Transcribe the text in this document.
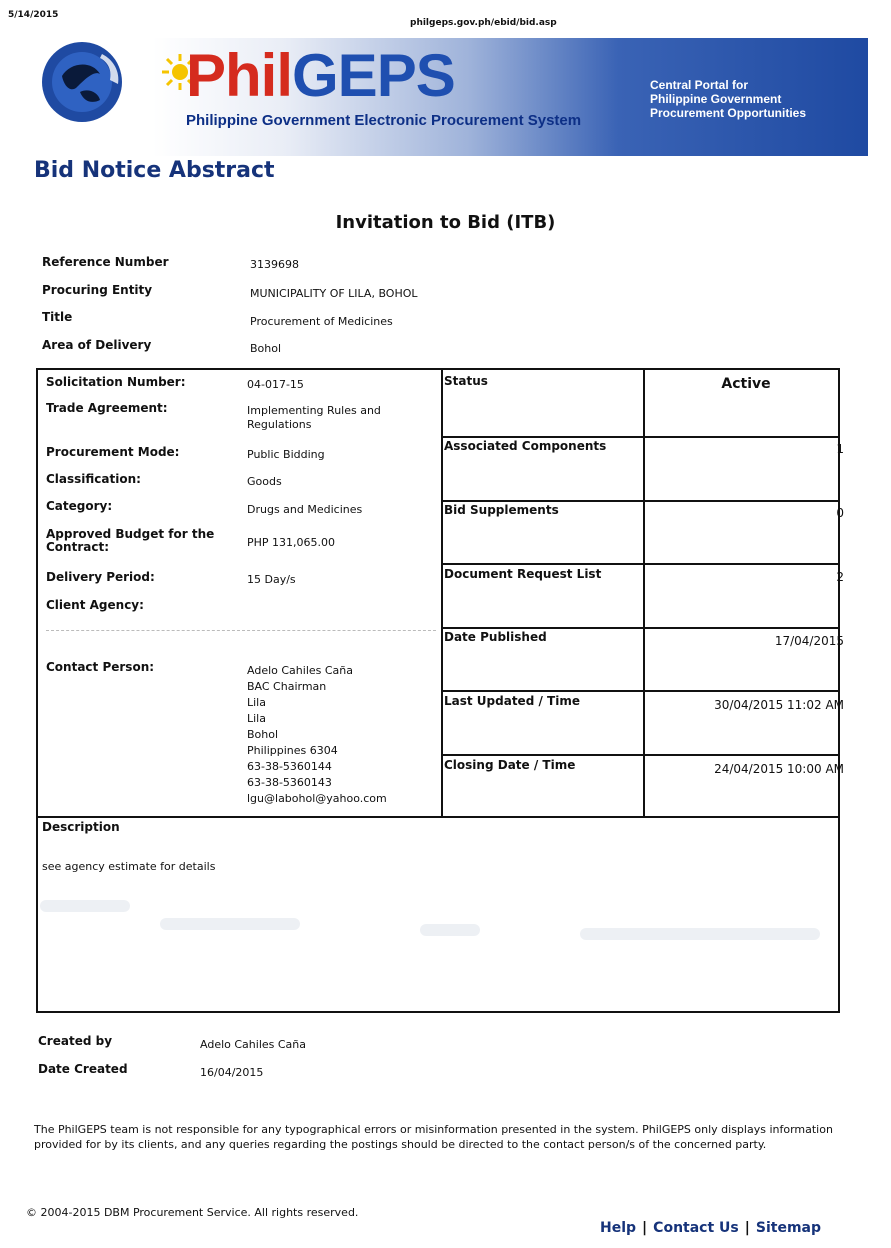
5/14/2015
philgeps.gov.ph/ebid/bid.asp
PhilGEPS
Philippine Government Electronic Procurement System
Central Portal for
Philippine Government
Procurement Opportunities
Bid Notice Abstract
Invitation to Bid (ITB)
Reference Number	3139698
Procuring Entity	MUNICIPALITY OF LILA, BOHOL
Title	Procurement of Medicines
Area of Delivery	Bohol
Solicitation Number:	04-017-15
Trade Agreement:	Implementing Rules and Regulations
Procurement Mode:	Public Bidding
Classification:	Goods
Category:	Drugs and Medicines
Approved Budget for the Contract:	PHP 131,065.00
Delivery Period:	15 Day/s
Client Agency:
Contact Person:	Adelo Cahiles Caña
BAC Chairman
Lila
Lila
Bohol
Philippines 6304
63-38-5360144
63-38-5360143
lgu@labohol@yahoo.com
Status	Active
Associated Components	1
Bid Supplements	0
Document Request List	2
Date Published	17/04/2015
Last Updated / Time	30/04/2015 11:02 AM
Closing Date / Time	24/04/2015 10:00 AM
Description
see agency estimate for details
Created by	Adelo Cahiles Caña
Date Created	16/04/2015
The PhilGEPS team is not responsible for any typographical errors or misinformation presented in the system. PhilGEPS only displays information provided for by its clients, and any queries regarding the postings should be directed to the contact person/s of the concerned party.
© 2004-2015 DBM Procurement Service. All rights reserved.
Help | Contact Us | Sitemap
